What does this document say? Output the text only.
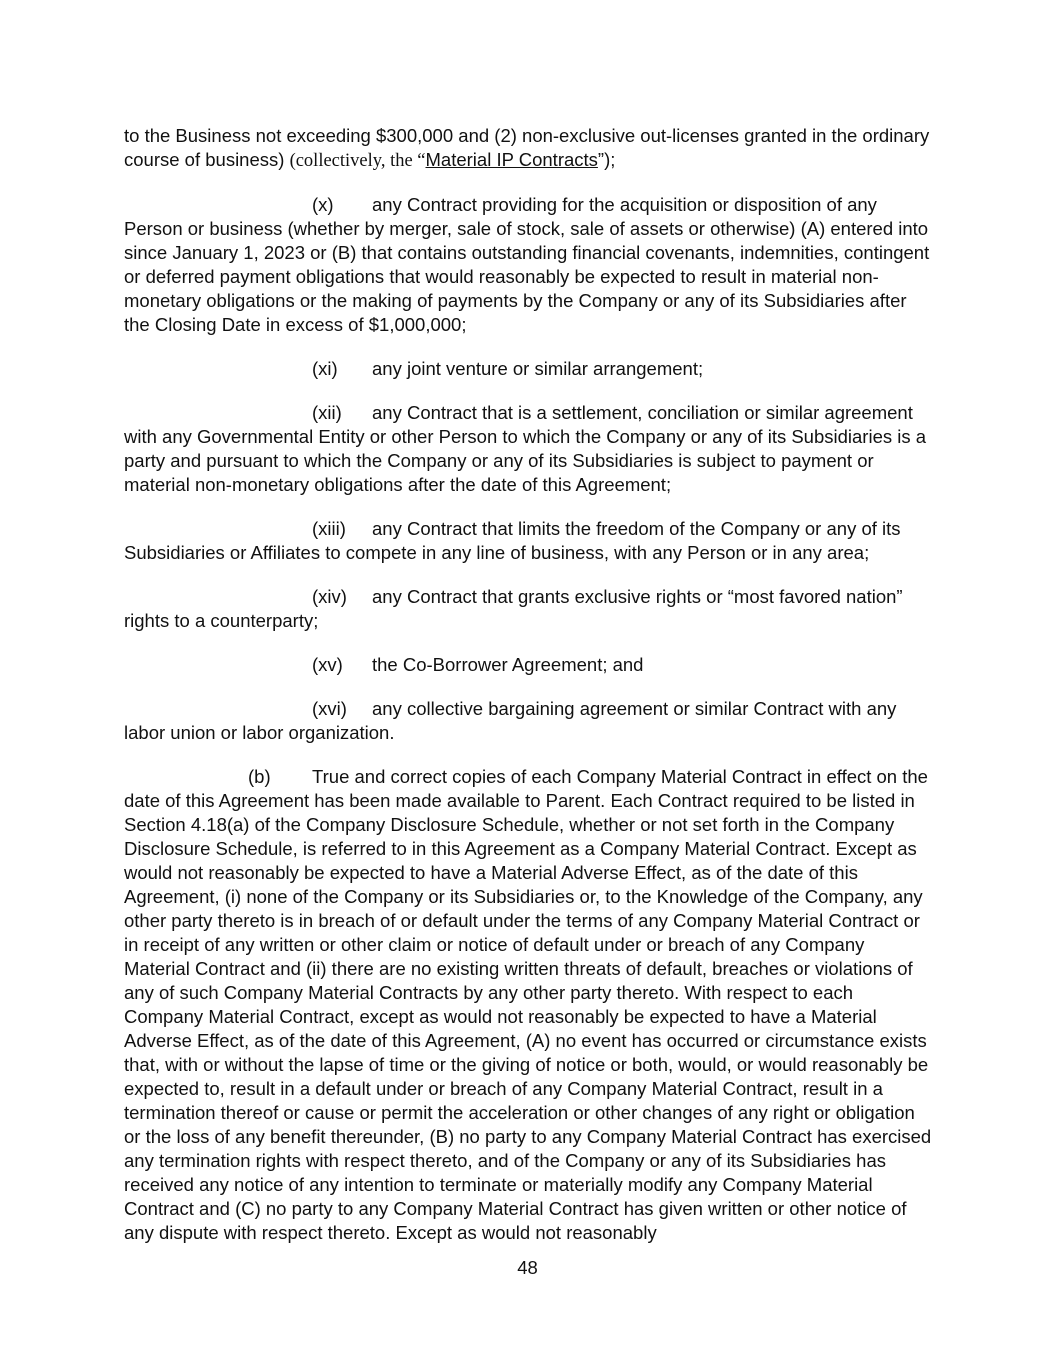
to the Business not exceeding $300,000 and (2) non-exclusive out-licenses granted in the ordinary course of business) (collectively, the “Material IP Contracts”);

(x) any Contract providing for the acquisition or disposition of any Person or business (whether by merger, sale of stock, sale of assets or otherwise) (A) entered into since January 1, 2023 or (B) that contains outstanding financial covenants, indemnities, contingent or deferred payment obligations that would reasonably be expected to result in material non-monetary obligations or the making of payments by the Company or any of its Subsidiaries after the Closing Date in excess of $1,000,000;

(xi) any joint venture or similar arrangement;

(xii) any Contract that is a settlement, conciliation or similar agreement with any Governmental Entity or other Person to which the Company or any of its Subsidiaries is a party and pursuant to which the Company or any of its Subsidiaries is subject to payment or material non-monetary obligations after the date of this Agreement;

(xiii) any Contract that limits the freedom of the Company or any of its Subsidiaries or Affiliates to compete in any line of business, with any Person or in any area;

(xiv) any Contract that grants exclusive rights or “most favored nation” rights to a counterparty;

(xv) the Co-Borrower Agreement; and

(xvi) any collective bargaining agreement or similar Contract with any labor union or labor organization.

(b) True and correct copies of each Company Material Contract in effect on the date of this Agreement has been made available to Parent. Each Contract required to be listed in Section 4.18(a) of the Company Disclosure Schedule, whether or not set forth in the Company Disclosure Schedule, is referred to in this Agreement as a Company Material Contract. Except as would not reasonably be expected to have a Material Adverse Effect, as of the date of this Agreement, (i) none of the Company or its Subsidiaries or, to the Knowledge of the Company, any other party thereto is in breach of or default under the terms of any Company Material Contract or in receipt of any written or other claim or notice of default under or breach of any Company Material Contract and (ii) there are no existing written threats of default, breaches or violations of any of such Company Material Contracts by any other party thereto. With respect to each Company Material Contract, except as would not reasonably be expected to have a Material Adverse Effect, as of the date of this Agreement, (A) no event has occurred or circumstance exists that, with or without the lapse of time or the giving of notice or both, would, or would reasonably be expected to, result in a default under or breach of any Company Material Contract, result in a termination thereof or cause or permit the acceleration or other changes of any right or obligation or the loss of any benefit thereunder, (B) no party to any Company Material Contract has exercised any termination rights with respect thereto, and of the Company or any of its Subsidiaries has received any notice of any intention to terminate or materially modify any Company Material Contract and (C) no party to any Company Material Contract has given written or other notice of any dispute with respect thereto. Except as would not reasonably

48
